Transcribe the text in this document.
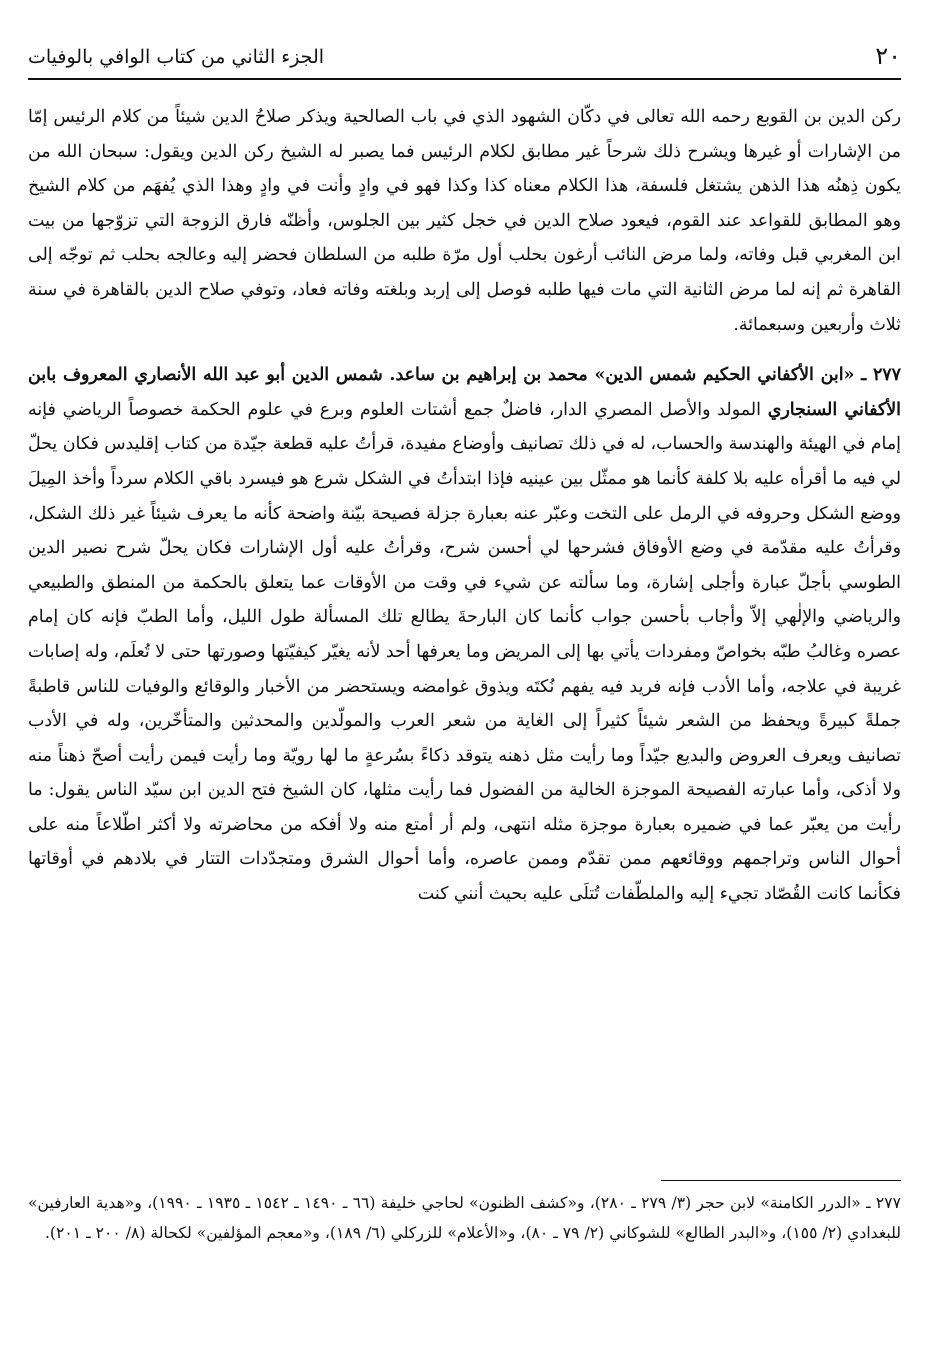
٢٠
الجزء الثاني من كتاب الوافي بالوفيات

ركن الدين بن القوبع رحمه الله تعالى في دكّان الشهود الذي في باب الصالحية ويذكر صلاحُ الدين شيئاً من كلام الرئيس إمّا من الإشارات أو غيرها ويشرح ذلك شرحاً غير مطابق لكلام الرئيس فما يصبر له الشيخ ركن الدين ويقول: سبحان الله من يكون ذِهنُه هذا الذهن يشتغل فلسفة، هذا الكلام معناه كذا وكذا فهو في وادٍ وأنت في وادٍ وهذا الذي يُفهَم من كلام الشيخ وهو المطابق للقواعد عند القوم، فيعود صلاح الدين في خجل كثير بين الجلوس، وأظنّه فارق الزوجة التي تزوّجها من بيت ابن المغربي قبل وفاته، ولما مرض النائب أرغون بحلب أول مرّة طلبه من السلطان فحضر إليه وعالجه بحلب ثم توجّه إلى القاهرة ثم إنه لما مرض الثانية التي مات فيها طلبه فوصل إلى إربد وبلغته وفاته فعاد، وتوفي صلاح الدين بالقاهرة في سنة ثلاث وأربعين وسبعمائة.

٢٧٧ ـ «ابن الأكفاني الحكيم شمس الدين» محمد بن إبراهيم بن ساعد. شمس الدين أبو عبد الله الأنصاري المعروف بابن الأكفاني السنجاري المولد والأصل المصري الدار، فاضلٌ جمع أشتات العلوم وبرع في علوم الحكمة خصوصاً الرياضي فإنه إمام في الهيئة والهندسة والحساب، له في ذلك تصانيف وأوضاع مفيدة، قرأتُ عليه قطعة جيّدة من كتاب إقليدس فكان يحلّ لي فيه ما أقرأه عليه بلا كلفة كأنما هو ممثّل بين عينيه فإذا ابتدأتُ في الشكل شرع هو فيسرد باقي الكلام سرداً وأخذ المِيلَ ووضع الشكل وحروفه في الرمل على التخت وعبّر عنه بعبارة جزلة فصيحة بيّنة واضحة كأنه ما يعرف شيئاً غير ذلك الشكل، وقرأتُ عليه مقدّمة في وضع الأوفاق فشرحها لي أحسن شرح، وقرأتُ عليه أول الإشارات فكان يحلّ شرح نصير الدين الطوسي بأجلّ عبارة وأجلى إشارة، وما سألته عن شيء في وقت من الأوقات عما يتعلق بالحكمة من المنطق والطبيعي والرياضي والإلٰهي إلاّ وأجاب بأحسن جواب كأنما كان البارحةَ يطالع تلك المسألة طول الليل، وأما الطبّ فإنه كان إمام عصره وغالبُ طبّه بخواصّ ومفردات يأتي بها إلى المريض وما يعرفها أحد لأنه يغيّر كيفيّتها وصورتها حتى لا تُعلَم، وله إصابات غريبة في علاجه، وأما الأدب فإنه فريد فيه يفهم نُكتَه ويذوق غوامضه ويستحضر من الأخبار والوقائع والوفيات للناس قاطبةً جملةً كبيرةً ويحفظ من الشعر شيئاً كثيراً إلى الغاية من شعر العرب والمولّدين والمحدثين والمتأخّرين، وله في الأدب تصانيف ويعرف العروض والبديع جيّداً وما رأيت مثل ذهنه يتوقد ذكاءً بسُرعةٍ ما لها رويّة وما رأيت فيمن رأيت أصحّ ذهناً منه ولا أذكى، وأما عبارته الفصيحة الموجزة الخالية من الفضول فما رأيت مثلها، كان الشيخ فتح الدين ابن سيّد الناس يقول: ما رأيت من يعبّر عما في ضميره بعبارة موجزة مثله انتهى، ولم أر أمتع منه ولا أفكه من محاضرته ولا أكثر اطّلاعاً منه على أحوال الناس وتراجمهم ووقائعهم ممن تقدّم وممن عاصره، وأما أحوال الشرق ومتجدّدات التتار في بلادهم في أوقاتها فكأنما كانت القُصّاد تجيء إليه والملطّفات تُتلَى عليه بحيث أنني كنت

٢٧٧ ـ «الدرر الكامنة» لابن حجر (٣/ ٢٧٩ ـ ٢٨٠)، و«كشف الظنون» لحاجي خليفة (٦٦ ـ ١٤٩٠ ـ ١٥٤٢ ـ ١٩٣٥ ـ ١٩٩٠)، و«هدية العارفين» للبغدادي (٢/ ١٥٥)، و«البدر الطالع» للشوكاني (٢/ ٧٩ ـ ٨٠)، و«الأعلام» للزركلي (٦/ ١٨٩)، و«معجم المؤلفين» لكحالة (٨/ ٢٠٠ ـ ٢٠١).
